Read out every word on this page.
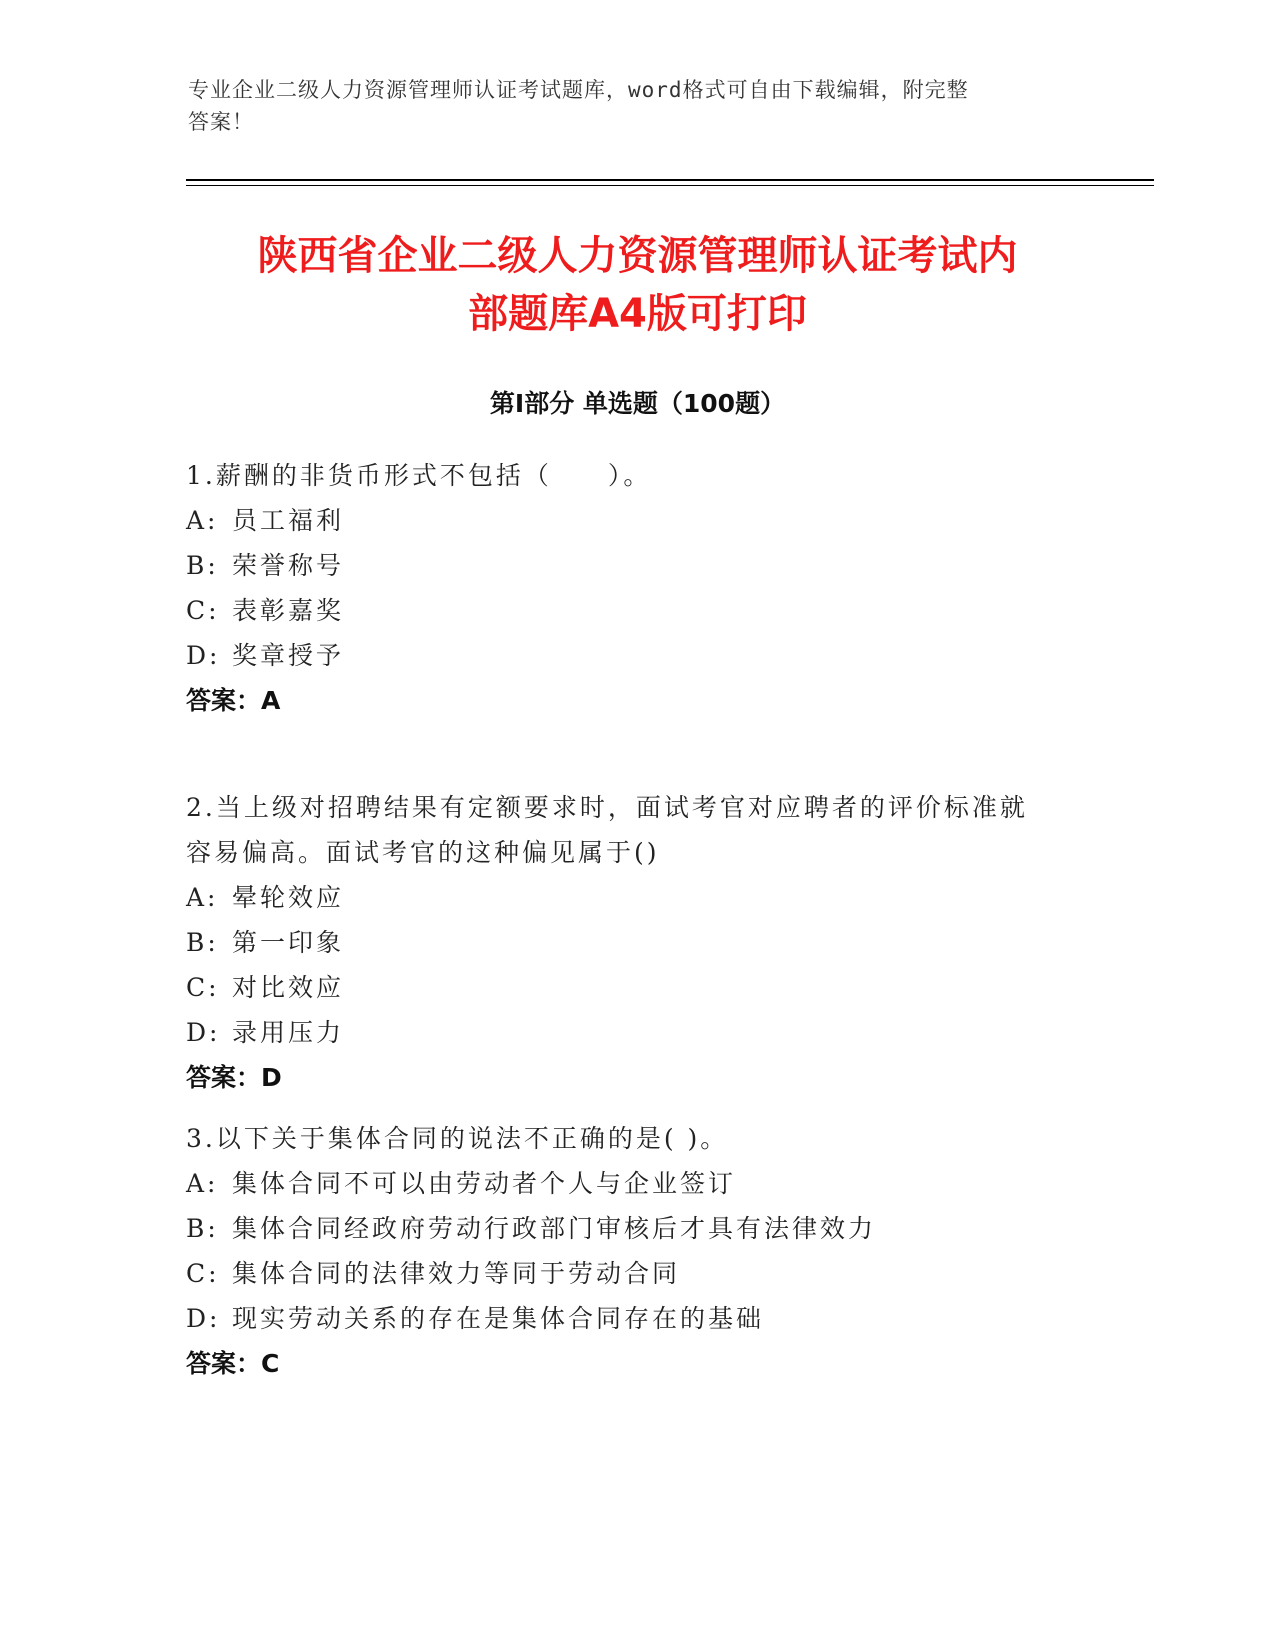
专业企业二级人力资源管理师认证考试题库，word格式可自由下载编辑，附完整
答案！
陕西省企业二级人力资源管理师认证考试内
部题库A4版可打印
第I部分 单选题（100题）
1.薪酬的非货币形式不包括（　　）。
A: 员工福利
B: 荣誉称号
C: 表彰嘉奖
D: 奖章授予
答案：A
2.当上级对招聘结果有定额要求时，面试考官对应聘者的评价标准就
容易偏高。面试考官的这种偏见属于()
A: 晕轮效应
B: 第一印象
C: 对比效应
D: 录用压力
答案：D
3.以下关于集体合同的说法不正确的是( )。
A: 集体合同不可以由劳动者个人与企业签订
B: 集体合同经政府劳动行政部门审核后才具有法律效力
C: 集体合同的法律效力等同于劳动合同
D: 现实劳动关系的存在是集体合同存在的基础
答案：C
